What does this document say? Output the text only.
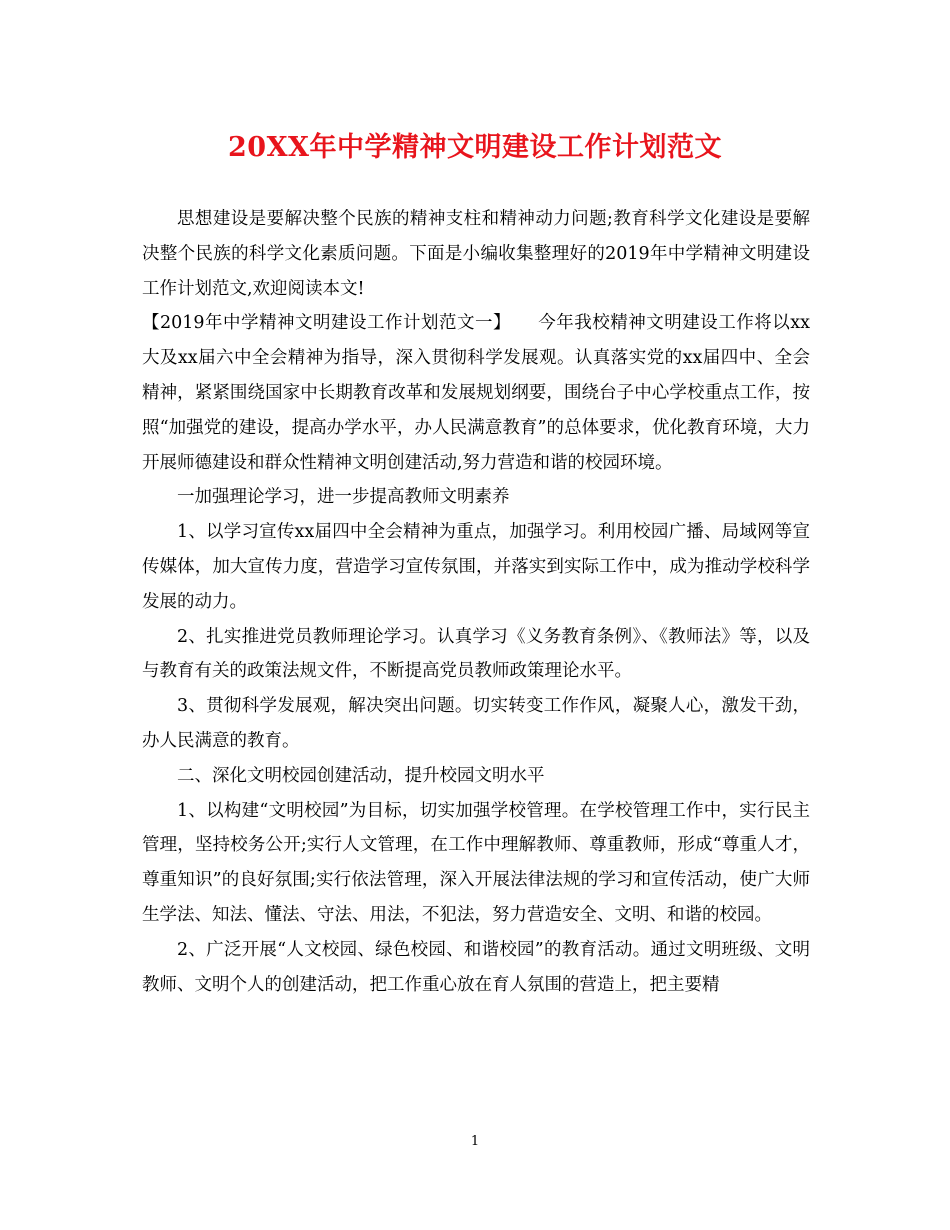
20XX年中学精神文明建设工作计划范文

思想建设是要解决整个民族的精神支柱和精神动力问题;教育科学文化建设是要解决整个民族的科学文化素质问题。下面是小编收集整理好的2019年中学精神文明建设工作计划范文,欢迎阅读本文!

【2019年中学精神文明建设工作计划范文一】　　今年我校精神文明建设工作将以xx大及xx届六中全会精神为指导，深入贯彻科学发展观。认真落实党的xx届四中、全会精神，紧紧围绕国家中长期教育改革和发展规划纲要，围绕台子中心学校重点工作，按照“加强党的建设，提高办学水平，办人民满意教育”的总体要求，优化教育环境，大力开展师德建设和群众性精神文明创建活动,努力营造和谐的校园环境。

一加强理论学习，进一步提高教师文明素养

1、以学习宣传xx届四中全会精神为重点，加强学习。利用校园广播、局域网等宣传媒体，加大宣传力度，营造学习宣传氛围，并落实到实际工作中，成为推动学校科学发展的动力。

2、扎实推进党员教师理论学习。认真学习《义务教育条例》、《教师法》等，以及与教育有关的政策法规文件，不断提高党员教师政策理论水平。

3、贯彻科学发展观，解决突出问题。切实转变工作作风，凝聚人心，激发干劲，办人民满意的教育。

二、深化文明校园创建活动，提升校园文明水平

1、以构建“文明校园”为目标，切实加强学校管理。在学校管理工作中，实行民主管理，坚持校务公开;实行人文管理，在工作中理解教师、尊重教师，形成“尊重人才，尊重知识”的良好氛围;实行依法管理，深入开展法律法规的学习和宣传活动，使广大师生学法、知法、懂法、守法、用法，不犯法，努力营造安全、文明、和谐的校园。

2、广泛开展“人文校园、绿色校园、和谐校园”的教育活动。通过文明班级、文明教师、文明个人的创建活动，把工作重心放在育人氛围的营造上，把主要精

1
